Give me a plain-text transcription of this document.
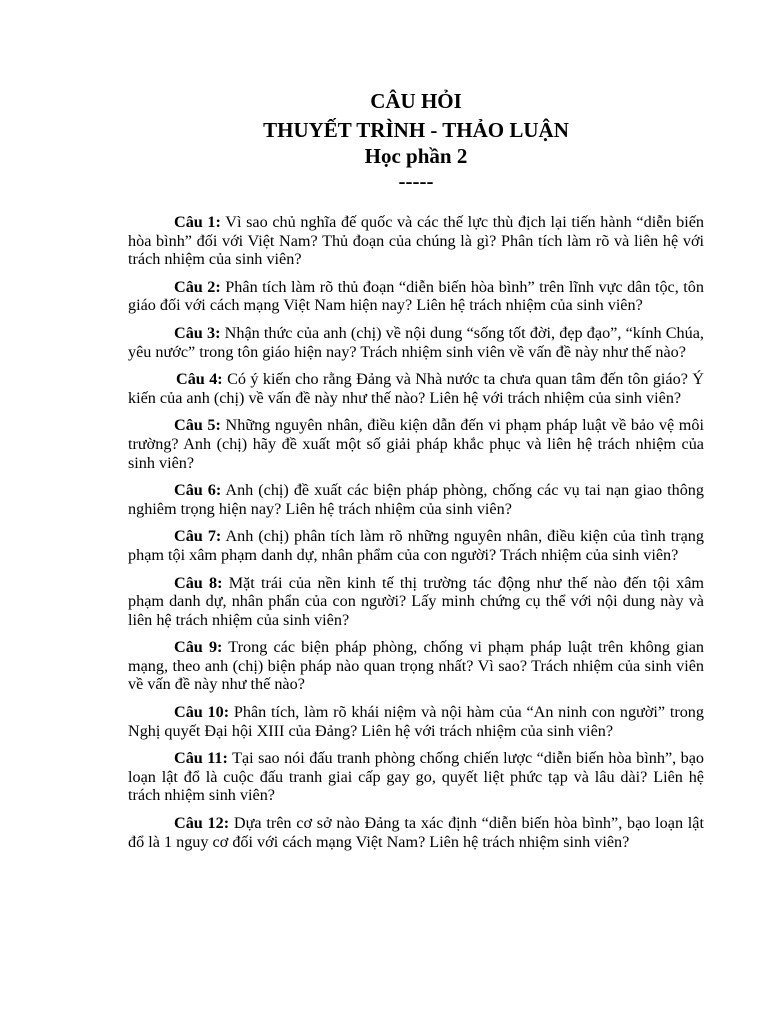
CÂU HỎI
THUYẾT TRÌNH - THẢO LUẬN
Học phần 2
-----

Câu 1: Vì sao chủ nghĩa đế quốc và các thế lực thù địch lại tiến hành “diễn biến hòa bình” đối với Việt Nam? Thủ đoạn của chúng là gì? Phân tích làm rõ và liên hệ với trách nhiệm của sinh viên?

Câu 2: Phân tích làm rõ thủ đoạn “diễn biến hòa bình” trên lĩnh vực dân tộc, tôn giáo đối với cách mạng Việt Nam hiện nay? Liên hệ trách nhiệm của sinh viên?

Câu 3: Nhận thức của anh (chị) về nội dung “sống tốt đời, đẹp đạo”, “kính Chúa, yêu nước” trong tôn giáo hiện nay? Trách nhiệm sinh viên về vấn đề này như thế nào?

Câu 4: Có ý kiến cho rằng Đảng và Nhà nước ta chưa quan tâm đến tôn giáo? Ý kiến của anh (chị) về vấn đề này như thế nào? Liên hệ với trách nhiệm của sinh viên?

Câu 5: Những nguyên nhân, điều kiện dẫn đến vi phạm pháp luật về bảo vệ môi trường? Anh (chị) hãy đề xuất một số giải pháp khắc phục và liên hệ trách nhiệm của sinh viên?

Câu 6: Anh (chị) đề xuất các biện pháp phòng, chống các vụ tai nạn giao thông nghiêm trọng hiện nay? Liên hệ trách nhiệm của sinh viên?

Câu 7: Anh (chị) phân tích làm rõ những nguyên nhân, điều kiện của tình trạng phạm tội xâm phạm danh dự, nhân phẩm của con người? Trách nhiệm của sinh viên?

Câu 8: Mặt trái của nền kinh tế thị trường tác động như thế nào đến tội xâm phạm danh dự, nhân phẩn của con người? Lấy minh chứng cụ thể với nội dung này và liên hệ trách nhiệm của sinh viên?

Câu 9: Trong các biện pháp phòng, chống vi phạm pháp luật trên không gian mạng, theo anh (chị) biện pháp nào quan trọng nhất? Vì sao? Trách nhiệm của sinh viên về vấn đề này như thế nào?

Câu 10: Phân tích, làm rõ khái niệm và nội hàm của “An ninh con người” trong Nghị quyết Đại hội XIII của Đảng? Liên hệ với trách nhiệm của sinh viên?

Câu 11: Tại sao nói đấu tranh phòng chống chiến lược “diễn biến hòa bình”, bạo loạn lật đổ là cuộc đấu tranh giai cấp gay go, quyết liệt phức tạp và lâu dài? Liên hệ trách nhiệm sinh viên?

Câu 12: Dựa trên cơ sở nào Đảng ta xác định “diễn biến hòa bình”, bạo loạn lật đổ là 1 nguy cơ đối với cách mạng Việt Nam? Liên hệ trách nhiệm sinh viên?
